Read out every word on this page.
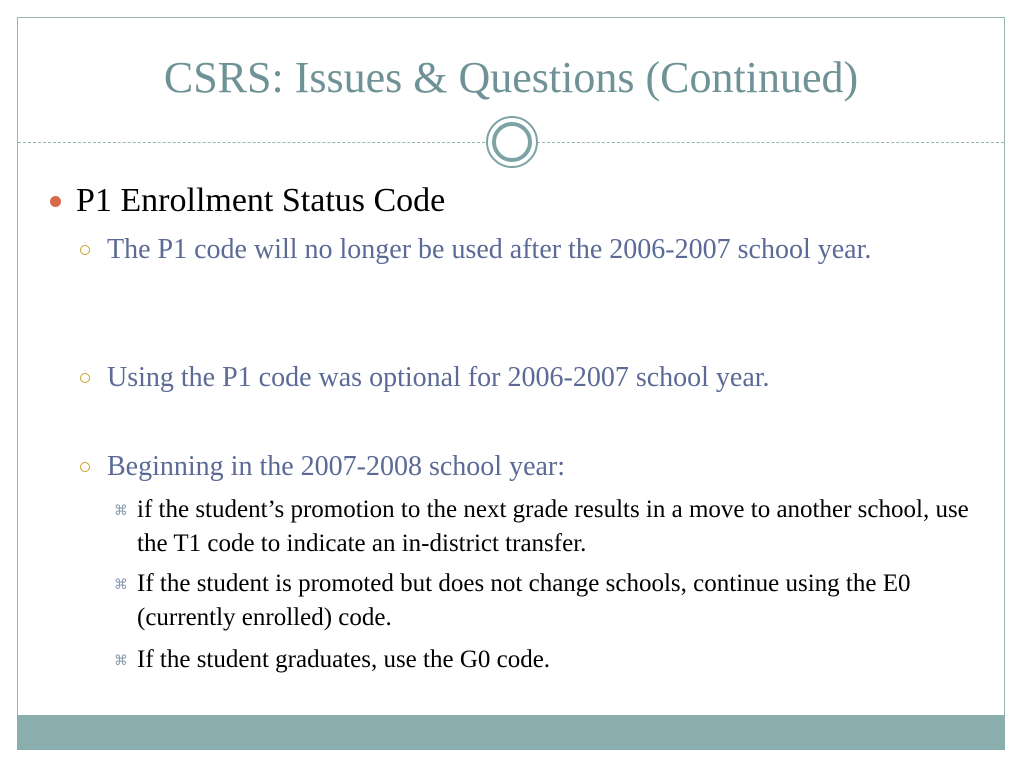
CSRS: Issues & Questions (Continued)
P1 Enrollment Status Code
The P1 code will no longer be used after the 2006-2007 school year.
Using the P1 code was optional for 2006-2007 school year.
Beginning in the 2007-2008 school year:
⌘ if the student’s promotion to the next grade results in a move to another school, use the T1 code to indicate an in-district transfer.
⌘ If the student is promoted but does not change schools, continue using the E0 (currently enrolled) code.
⌘ If the student graduates, use the G0 code.
